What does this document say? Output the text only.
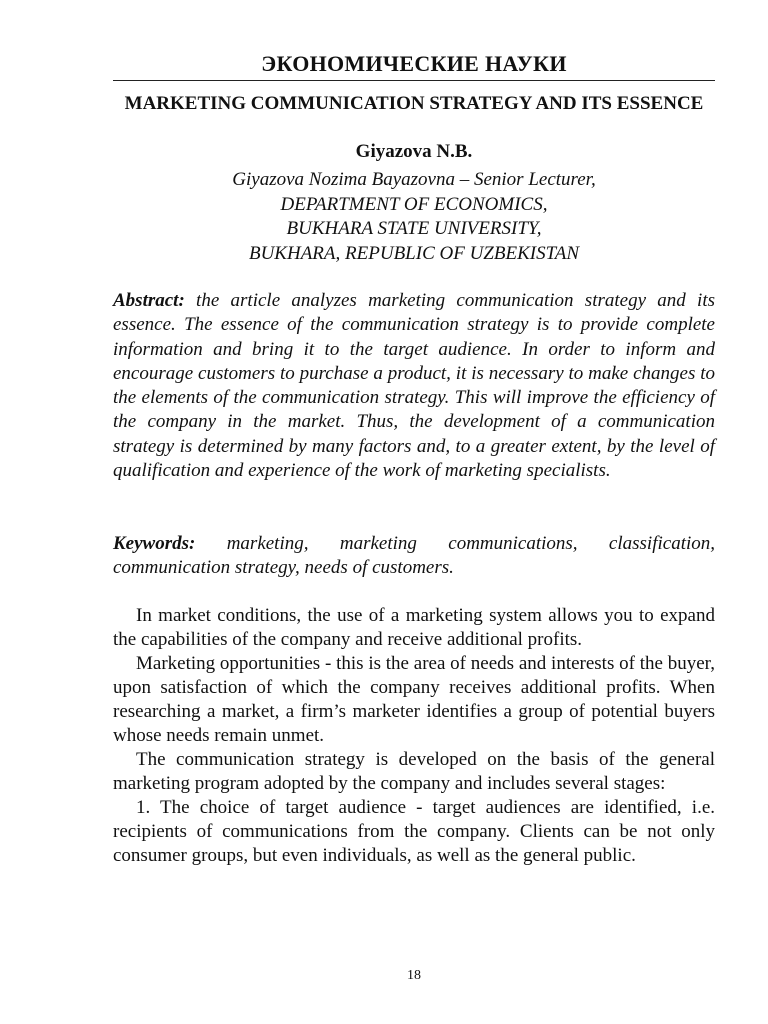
ЭКОНОМИЧЕСКИЕ НАУКИ
MARKETING COMMUNICATION STRATEGY AND ITS ESSENCE
Giyazova N.B.
Giyazova Nozima Bayazovna – Senior Lecturer,
DEPARTMENT OF ECONOMICS,
BUKHARA STATE UNIVERSITY,
BUKHARA, REPUBLIC OF UZBEKISTAN
Abstract: the article analyzes marketing communication strategy and its essence. The essence of the communication strategy is to provide complete information and bring it to the target audience. In order to inform and encourage customers to purchase a product, it is necessary to make changes to the elements of the communication strategy. This will improve the efficiency of the company in the market. Thus, the development of a communication strategy is determined by many factors and, to a greater extent, by the level of qualification and experience of the work of marketing specialists.
Keywords: marketing, marketing communications, classification, communication strategy, needs of customers.

In market conditions, the use of a marketing system allows you to expand the capabilities of the company and receive additional profits.

Marketing opportunities - this is the area of needs and interests of the buyer, upon satisfaction of which the company receives additional profits. When researching a market, a firm’s marketer identifies a group of potential buyers whose needs remain unmet.

The communication strategy is developed on the basis of the general marketing program adopted by the company and includes several stages:

1. The choice of target audience - target audiences are identified, i.e. recipients of communications from the company. Clients can be not only consumer groups, but even individuals, as well as the general public.

18
